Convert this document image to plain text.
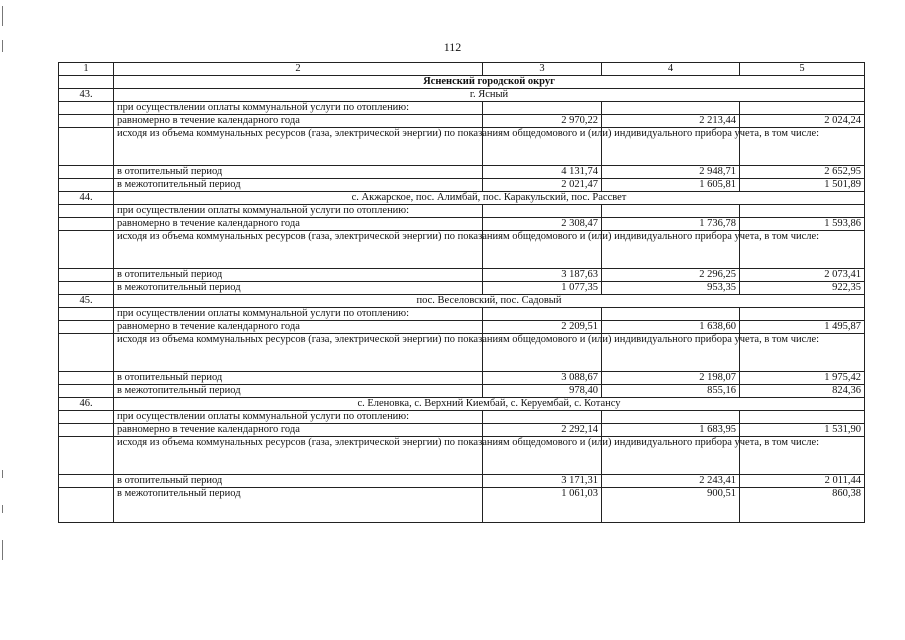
112
1	2	3	4	5
	Ясненский городской округ			
43.	г. Ясный			
	при осуществлении оплаты коммунальной услуги по отоплению:			
	равномерно в течение календарного года	2 970,22	2 213,44	2 024,24
	исходя из объема коммунальных ресурсов (газа, электрической энергии) по показаниям общедомового и (или) индивидуального прибора учета, в том числе:			
	в отопительный период	4 131,74	2 948,71	2 652,95
	в межотопительный период	2 021,47	1 605,81	1 501,89
44.	с. Акжарское, пос. Алимбай, пос. Каракульский, пос. Рассвет			
	при осуществлении оплаты коммунальной услуги по отоплению:			
	равномерно в течение календарного года	2 308,47	1 736,78	1 593,86
	исходя из объема коммунальных ресурсов (газа, электрической энергии) по показаниям общедомового и (или) индивидуального прибора учета, в том числе:			
	в отопительный период	3 187,63	2 296,25	2 073,41
	в межотопительный период	1 077,35	953,35	922,35
45.	пос. Веселовский, пос. Садовый			
	при осуществлении оплаты коммунальной услуги по отоплению:			
	равномерно в течение календарного года	2 209,51	1 638,60	1 495,87
	исходя из объема коммунальных ресурсов (газа, электрической энергии) по показаниям общедомового и (или) индивидуального прибора учета, в том числе:			
	в отопительный период	3 088,67	2 198,07	1 975,42
	в межотопительный период	978,40	855,16	824,36
46.	с. Еленовка, с. Верхний Киембай, с. Керуембай, с. Котансу			
	при осуществлении оплаты коммунальной услуги по отоплению:			
	равномерно в течение календарного года	2 292,14	1 683,95	1 531,90
	исходя из объема коммунальных ресурсов (газа, электрической энергии) по показаниям общедомового и (или) индивидуального прибора учета, в том числе:			
	в отопительный период	3 171,31	2 243,41	2 011,44
	в межотопительный период	1 061,03	900,51	860,38
